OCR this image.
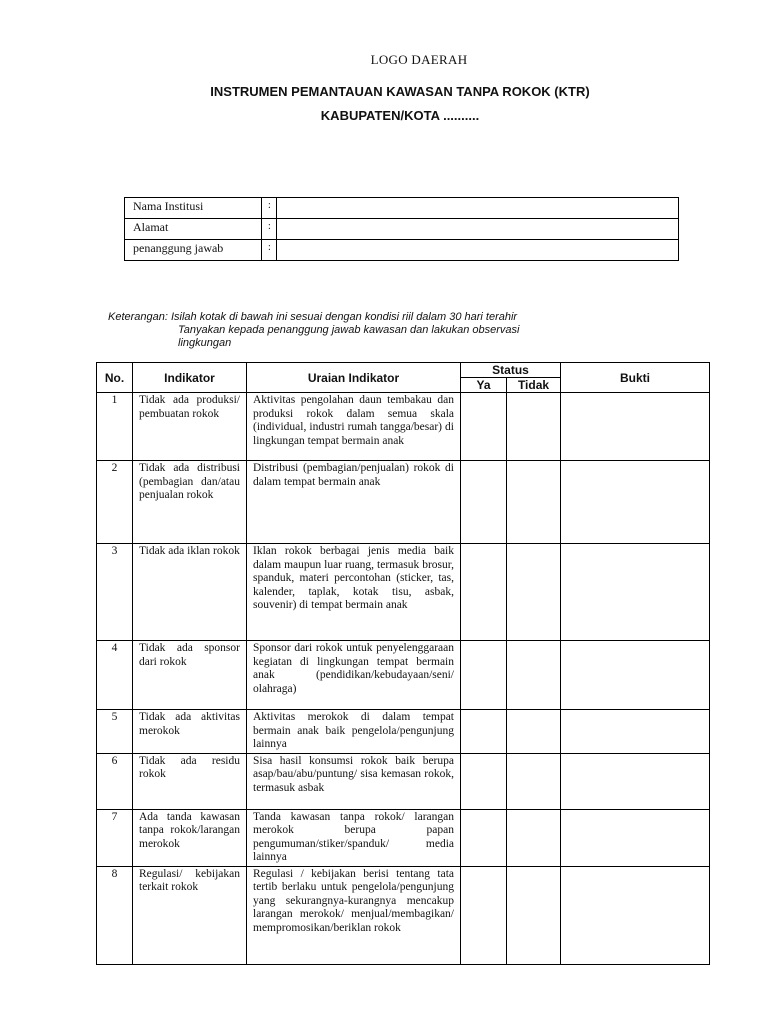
LOGO DAERAH
INSTRUMEN PEMANTAUAN KAWASAN TANPA ROKOK (KTR)
KABUPATEN/KOTA ..........
Nama Institusi	:	
Alamat	:	
penanggung jawab	:	
Keterangan: Isilah kotak di bawah ini sesuai dengan kondisi riil dalam 30 hari terahir
Tanyakan kepada penanggung jawab kawasan dan lakukan observasi
lingkungan
No.	Indikator	Uraian Indikator	Status		Bukti
			Ya	Tidak	
1	Tidak ada produksi/ pembuatan rokok	Aktivitas pengolahan daun tembakau dan produksi rokok dalam semua skala (individual, industri rumah tangga/besar) di lingkungan tempat bermain anak			
2	Tidak ada distribusi (pembagian dan/atau penjualan rokok	Distribusi (pembagian/penjualan) rokok di dalam tempat bermain anak			
3	Tidak ada iklan rokok	Iklan rokok berbagai jenis media baik dalam maupun luar ruang, termasuk brosur, spanduk, materi percontohan (sticker, tas, kalender, taplak, kotak tisu, asbak, souvenir) di tempat bermain anak			
4	Tidak ada sponsor dari rokok	Sponsor dari rokok untuk penyelenggaraan kegiatan di lingkungan tempat bermain anak (pendidikan/kebudayaan/seni/ olahraga)			
5	Tidak ada aktivitas merokok	Aktivitas merokok di dalam tempat bermain anak baik pengelola/pengunjung lainnya			
6	Tidak ada residu rokok	Sisa hasil konsumsi rokok baik berupa asap/bau/abu/puntung/ sisa kemasan rokok, termasuk asbak			
7	Ada tanda kawasan tanpa rokok/larangan merokok	Tanda kawasan tanpa rokok/ larangan merokok berupa papan pengumuman/stiker/spanduk/ media lainnya			
8	Regulasi/ kebijakan terkait rokok	Regulasi / kebijakan berisi tentang tata tertib berlaku untuk pengelola/pengunjung yang sekurangnya-kurangnya mencakup larangan merokok/ menjual/membagikan/ mempromosikan/beriklan rokok			
